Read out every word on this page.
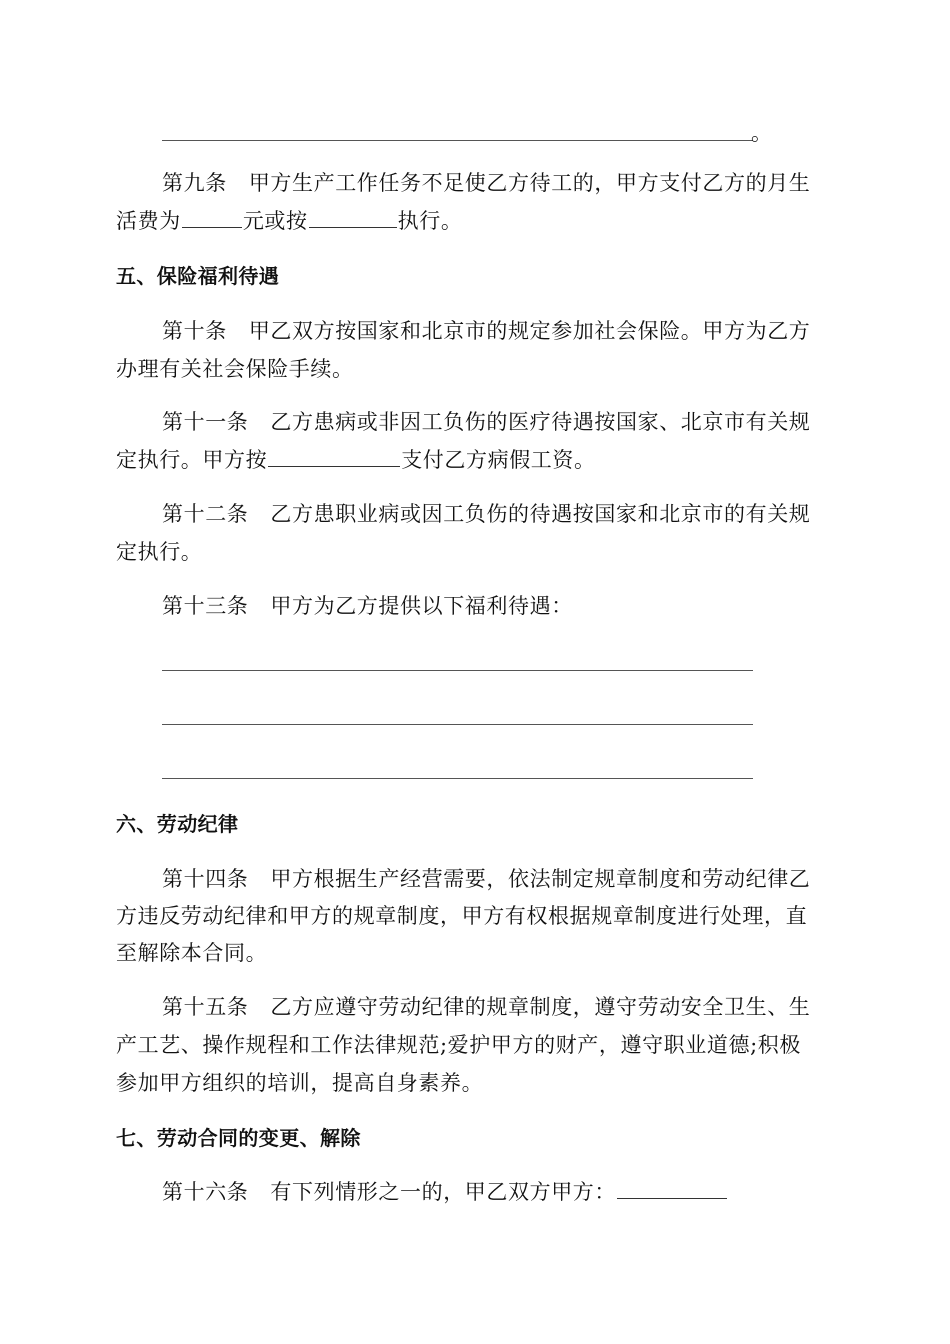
。
第九条 甲方生产工作任务不足使乙方待工的，甲方支付乙方的月生
活费为	元或按	执行。
五、保险福利待遇
第十条 甲乙双方按国家和北京市的规定参加社会保险。甲方为乙方
办理有关社会保险手续。
第十一条 乙方患病或非因工负伤的医疗待遇按国家、北京市有关规
定执行。甲方按	支付乙方病假工资。
第十二条 乙方患职业病或因工负伤的待遇按国家和北京市的有关规
定执行。
第十三条 甲方为乙方提供以下福利待遇：
六、劳动纪律
第十四条 甲方根据生产经营需要，依法制定规章制度和劳动纪律乙
方违反劳动纪律和甲方的规章制度，甲方有权根据规章制度进行处理，直
至解除本合同。
第十五条 乙方应遵守劳动纪律的规章制度，遵守劳动安全卫生、生
产工艺、操作规程和工作法律规范;爱护甲方的财产，遵守职业道德;积极
参加甲方组织的培训，提高自身素养。
七、劳动合同的变更、解除
第十六条 有下列情形之一的，甲乙双方甲方：
